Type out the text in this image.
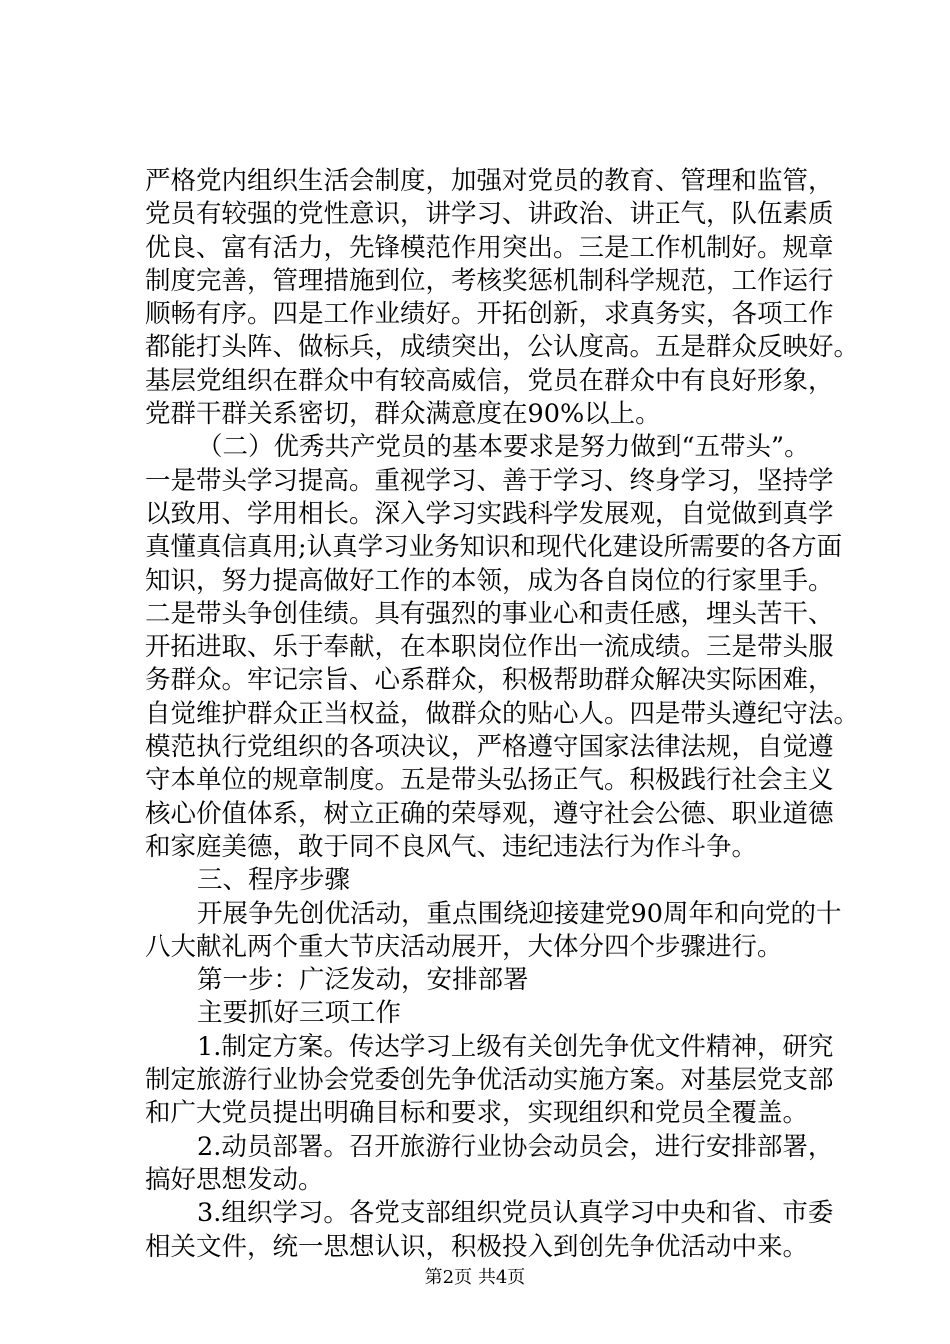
严格党内组织生活会制度，加强对党员的教育、管理和监管，
党员有较强的党性意识，讲学习、讲政治、讲正气，队伍素质
优良、富有活力，先锋模范作用突出。三是工作机制好。规章
制度完善，管理措施到位，考核奖惩机制科学规范，工作运行
顺畅有序。四是工作业绩好。开拓创新，求真务实，各项工作
都能打头阵、做标兵，成绩突出，公认度高。五是群众反映好。
基层党组织在群众中有较高威信，党员在群众中有良好形象，
党群干群关系密切，群众满意度在90%以上。
（二）优秀共产党员的基本要求是努力做到“五带头”。
一是带头学习提高。重视学习、善于学习、终身学习，坚持学
以致用、学用相长。深入学习实践科学发展观，自觉做到真学
真懂真信真用;认真学习业务知识和现代化建设所需要的各方面
知识，努力提高做好工作的本领，成为各自岗位的行家里手。
二是带头争创佳绩。具有强烈的事业心和责任感，埋头苦干、
开拓进取、乐于奉献，在本职岗位作出一流成绩。三是带头服
务群众。牢记宗旨、心系群众，积极帮助群众解决实际困难，
自觉维护群众正当权益，做群众的贴心人。四是带头遵纪守法。
模范执行党组织的各项决议，严格遵守国家法律法规，自觉遵
守本单位的规章制度。五是带头弘扬正气。积极践行社会主义
核心价值体系，树立正确的荣辱观，遵守社会公德、职业道德
和家庭美德，敢于同不良风气、违纪违法行为作斗争。
三、程序步骤
开展争先创优活动，重点围绕迎接建党90周年和向党的十
八大献礼两个重大节庆活动展开，大体分四个步骤进行。
第一步：广泛发动，安排部署
主要抓好三项工作
1.制定方案。传达学习上级有关创先争优文件精神，研究
制定旅游行业协会党委创先争优活动实施方案。对基层党支部
和广大党员提出明确目标和要求，实现组织和党员全覆盖。
2.动员部署。召开旅游行业协会动员会，进行安排部署，
搞好思想发动。
3.组织学习。各党支部组织党员认真学习中央和省、市委
相关文件，统一思想认识，积极投入到创先争优活动中来。
第2页 共4页
